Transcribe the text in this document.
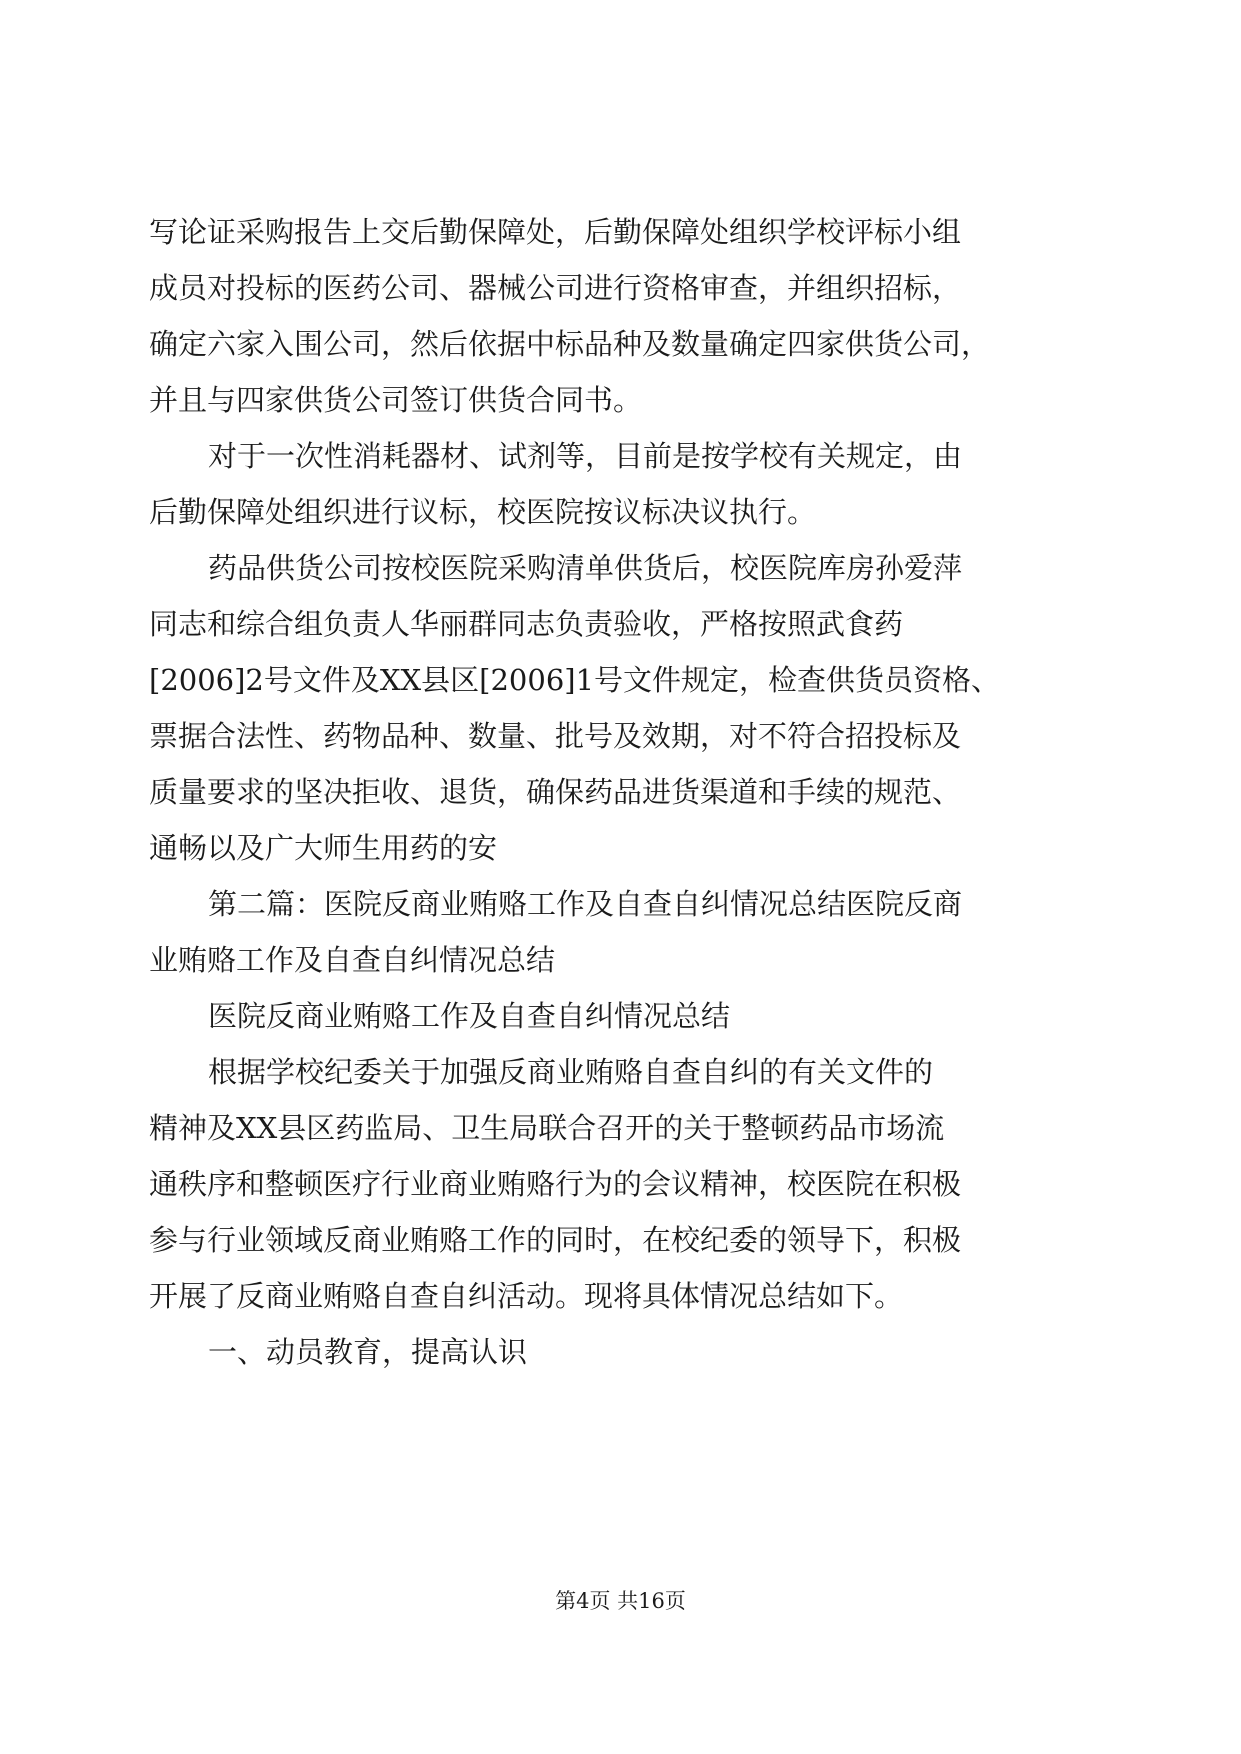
写论证采购报告上交后勤保障处，后勤保障处组织学校评标小组
成员对投标的医药公司、器械公司进行资格审查，并组织招标，
确定六家入围公司，然后依据中标品种及数量确定四家供货公司，
并且与四家供货公司签订供货合同书。
对于一次性消耗器材、试剂等，目前是按学校有关规定，由
后勤保障处组织进行议标，校医院按议标决议执行。
药品供货公司按校医院采购清单供货后，校医院库房孙爱萍
同志和综合组负责人华丽群同志负责验收，严格按照武食药
[2006]2号文件及XX县区[2006]1号文件规定，检查供货员资格、
票据合法性、药物品种、数量、批号及效期，对不符合招投标及
质量要求的坚决拒收、退货，确保药品进货渠道和手续的规范、
通畅以及广大师生用药的安
第二篇：医院反商业贿赂工作及自查自纠情况总结医院反商
业贿赂工作及自查自纠情况总结
医院反商业贿赂工作及自查自纠情况总结
根据学校纪委关于加强反商业贿赂自查自纠的有关文件的
精神及XX县区药监局、卫生局联合召开的关于整顿药品市场流
通秩序和整顿医疗行业商业贿赂行为的会议精神，校医院在积极
参与行业领域反商业贿赂工作的同时，在校纪委的领导下，积极
开展了反商业贿赂自查自纠活动。现将具体情况总结如下。
一、动员教育，提高认识
第4页 共16页
